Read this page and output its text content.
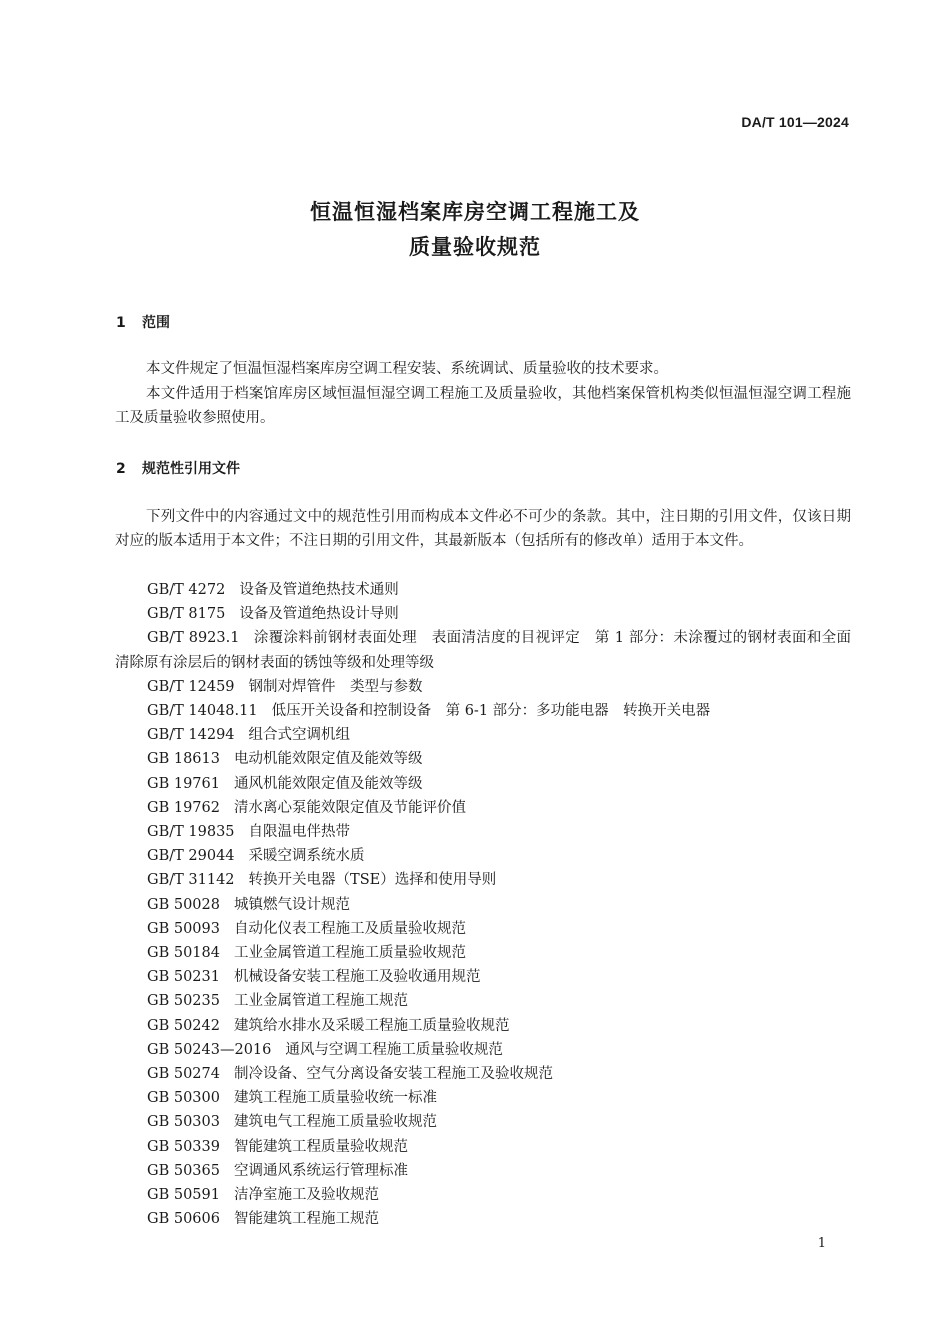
DA/T 101—2024
恒温恒湿档案库房空调工程施工及
质量验收规范
1 范围
本文件规定了恒温恒湿档案库房空调工程安装、系统调试、质量验收的技术要求。
本文件适用于档案馆库房区域恒温恒湿空调工程施工及质量验收，其他档案保管机构类似恒温恒湿空调工程施工及质量验收参照使用。
2 规范性引用文件
下列文件中的内容通过文中的规范性引用而构成本文件必不可少的条款。其中，注日期的引用文件，仅该日期对应的版本适用于本文件；不注日期的引用文件，其最新版本（包括所有的修改单）适用于本文件。
GB/T 4272 设备及管道绝热技术通则
GB/T 8175 设备及管道绝热设计导则
GB/T 8923.1 涂覆涂料前钢材表面处理　表面清洁度的目视评定　第 1 部分：未涂覆过的钢材表面和全面清除原有涂层后的钢材表面的锈蚀等级和处理等级
GB/T 12459 钢制对焊管件　类型与参数
GB/T 14048.11 低压开关设备和控制设备　第 6-1 部分：多功能电器　转换开关电器
GB/T 14294 组合式空调机组
GB 18613 电动机能效限定值及能效等级
GB 19761 通风机能效限定值及能效等级
GB 19762 清水离心泵能效限定值及节能评价值
GB/T 19835 自限温电伴热带
GB/T 29044 采暖空调系统水质
GB/T 31142 转换开关电器（TSE）选择和使用导则
GB 50028 城镇燃气设计规范
GB 50093 自动化仪表工程施工及质量验收规范
GB 50184 工业金属管道工程施工质量验收规范
GB 50231 机械设备安装工程施工及验收通用规范
GB 50235 工业金属管道工程施工规范
GB 50242 建筑给水排水及采暖工程施工质量验收规范
GB 50243—2016 通风与空调工程施工质量验收规范
GB 50274 制冷设备、空气分离设备安装工程施工及验收规范
GB 50300 建筑工程施工质量验收统一标准
GB 50303 建筑电气工程施工质量验收规范
GB 50339 智能建筑工程质量验收规范
GB 50365 空调通风系统运行管理标准
GB 50591 洁净室施工及验收规范
GB 50606 智能建筑工程施工规范
1
